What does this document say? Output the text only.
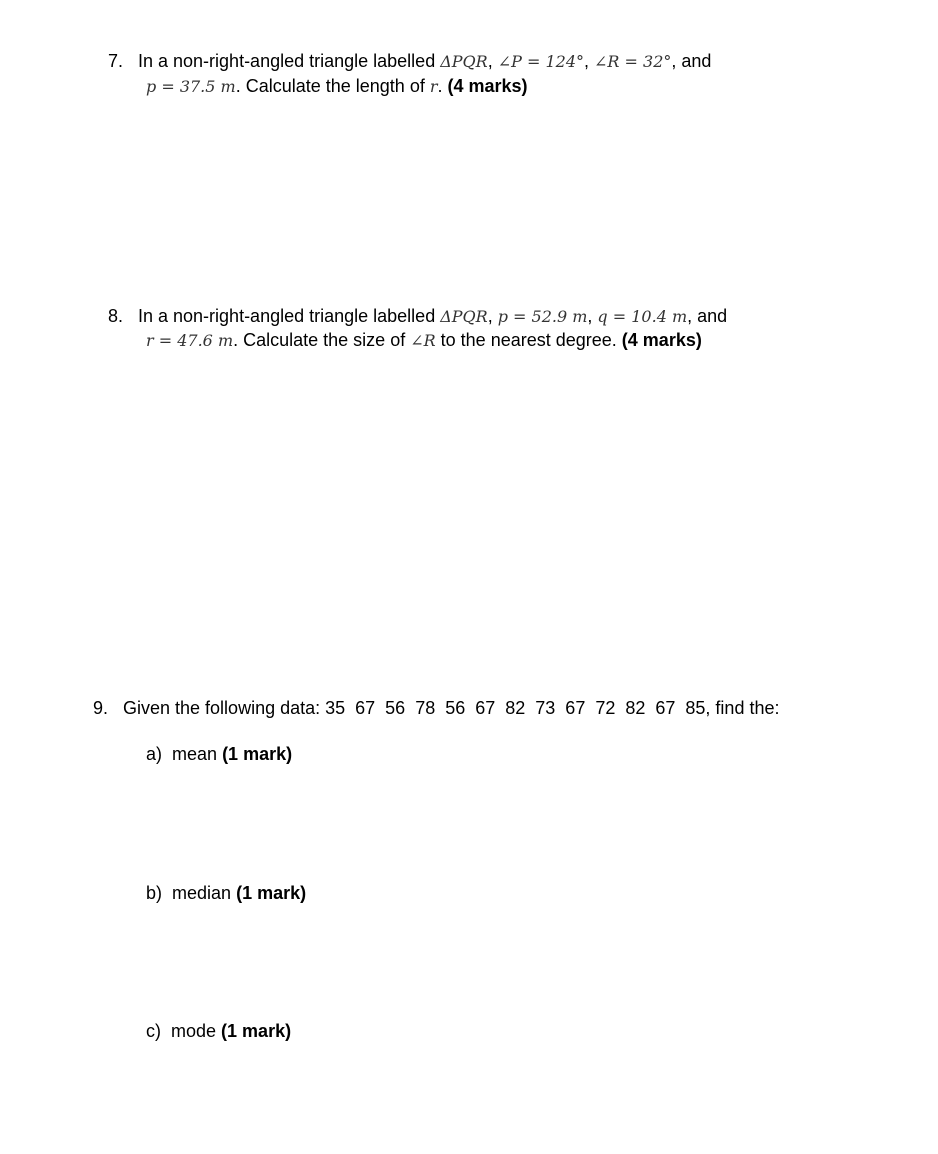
7. In a non-right-angled triangle labelled ΔPQR, ∠P = 124°, ∠R = 32°, and
p = 37.5 m. Calculate the length of r. (4 marks)
8. In a non-right-angled triangle labelled ΔPQR, p = 52.9 m, q = 10.4 m, and
r = 47.6 m. Calculate the size of ∠R to the nearest degree. (4 marks)
9. Given the following data: 35  67  56  78  56  67  82  73  67  72  82  67  85, find the:
a) mean (1 mark)
b) median (1 mark)
c) mode (1 mark)
